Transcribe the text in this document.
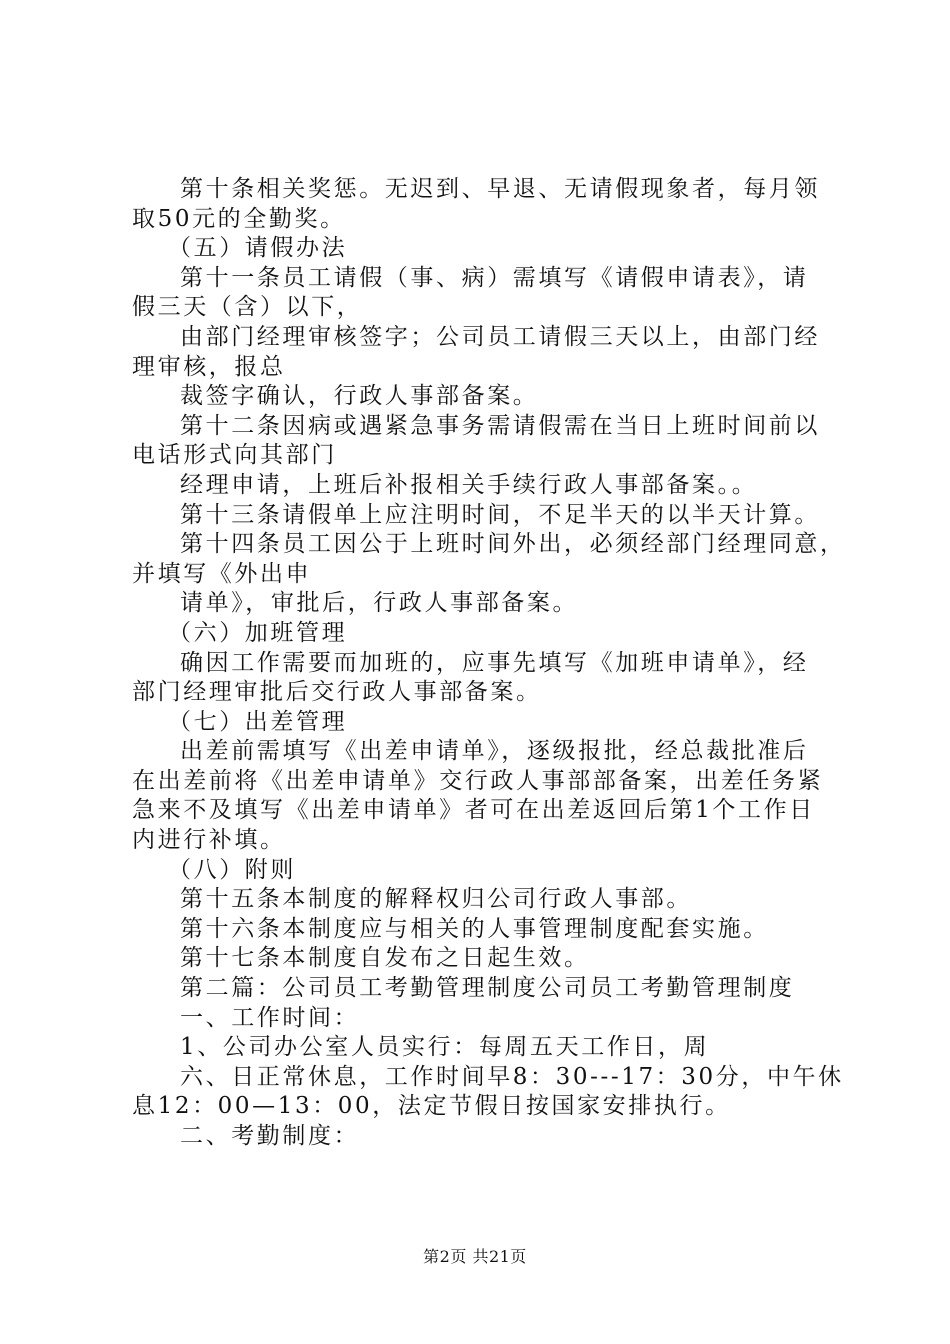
第十条相关奖惩。无迟到、早退、无请假现象者，每月领
取50元的全勤奖。
（五）请假办法
第十一条员工请假（事、病）需填写《请假申请表》，请
假三天（含）以下，
由部门经理审核签字；公司员工请假三天以上，由部门经
理审核，报总
裁签字确认，行政人事部备案。
第十二条因病或遇紧急事务需请假需在当日上班时间前以
电话形式向其部门
经理申请，上班后补报相关手续行政人事部备案。。
第十三条请假单上应注明时间，不足半天的以半天计算。
第十四条员工因公于上班时间外出，必须经部门经理同意，
并填写《外出申
请单》，审批后，行政人事部备案。
（六）加班管理
确因工作需要而加班的，应事先填写《加班申请单》，经
部门经理审批后交行政人事部备案。
（七）出差管理
出差前需填写《出差申请单》，逐级报批，经总裁批准后
在出差前将《出差申请单》交行政人事部部备案，出差任务紧
急来不及填写《出差申请单》者可在出差返回后第1个工作日
内进行补填。
（八）附则
第十五条本制度的解释权归公司行政人事部。
第十六条本制度应与相关的人事管理制度配套实施。
第十七条本制度自发布之日起生效。
第二篇：公司员工考勤管理制度公司员工考勤管理制度
一、工作时间：
1、公司办公室人员实行：每周五天工作日，周
六、日正常休息，工作时间早8：30---17：30分，中午休
息12：00—13：00，法定节假日按国家安排执行。
二、考勤制度：
第2页 共21页
